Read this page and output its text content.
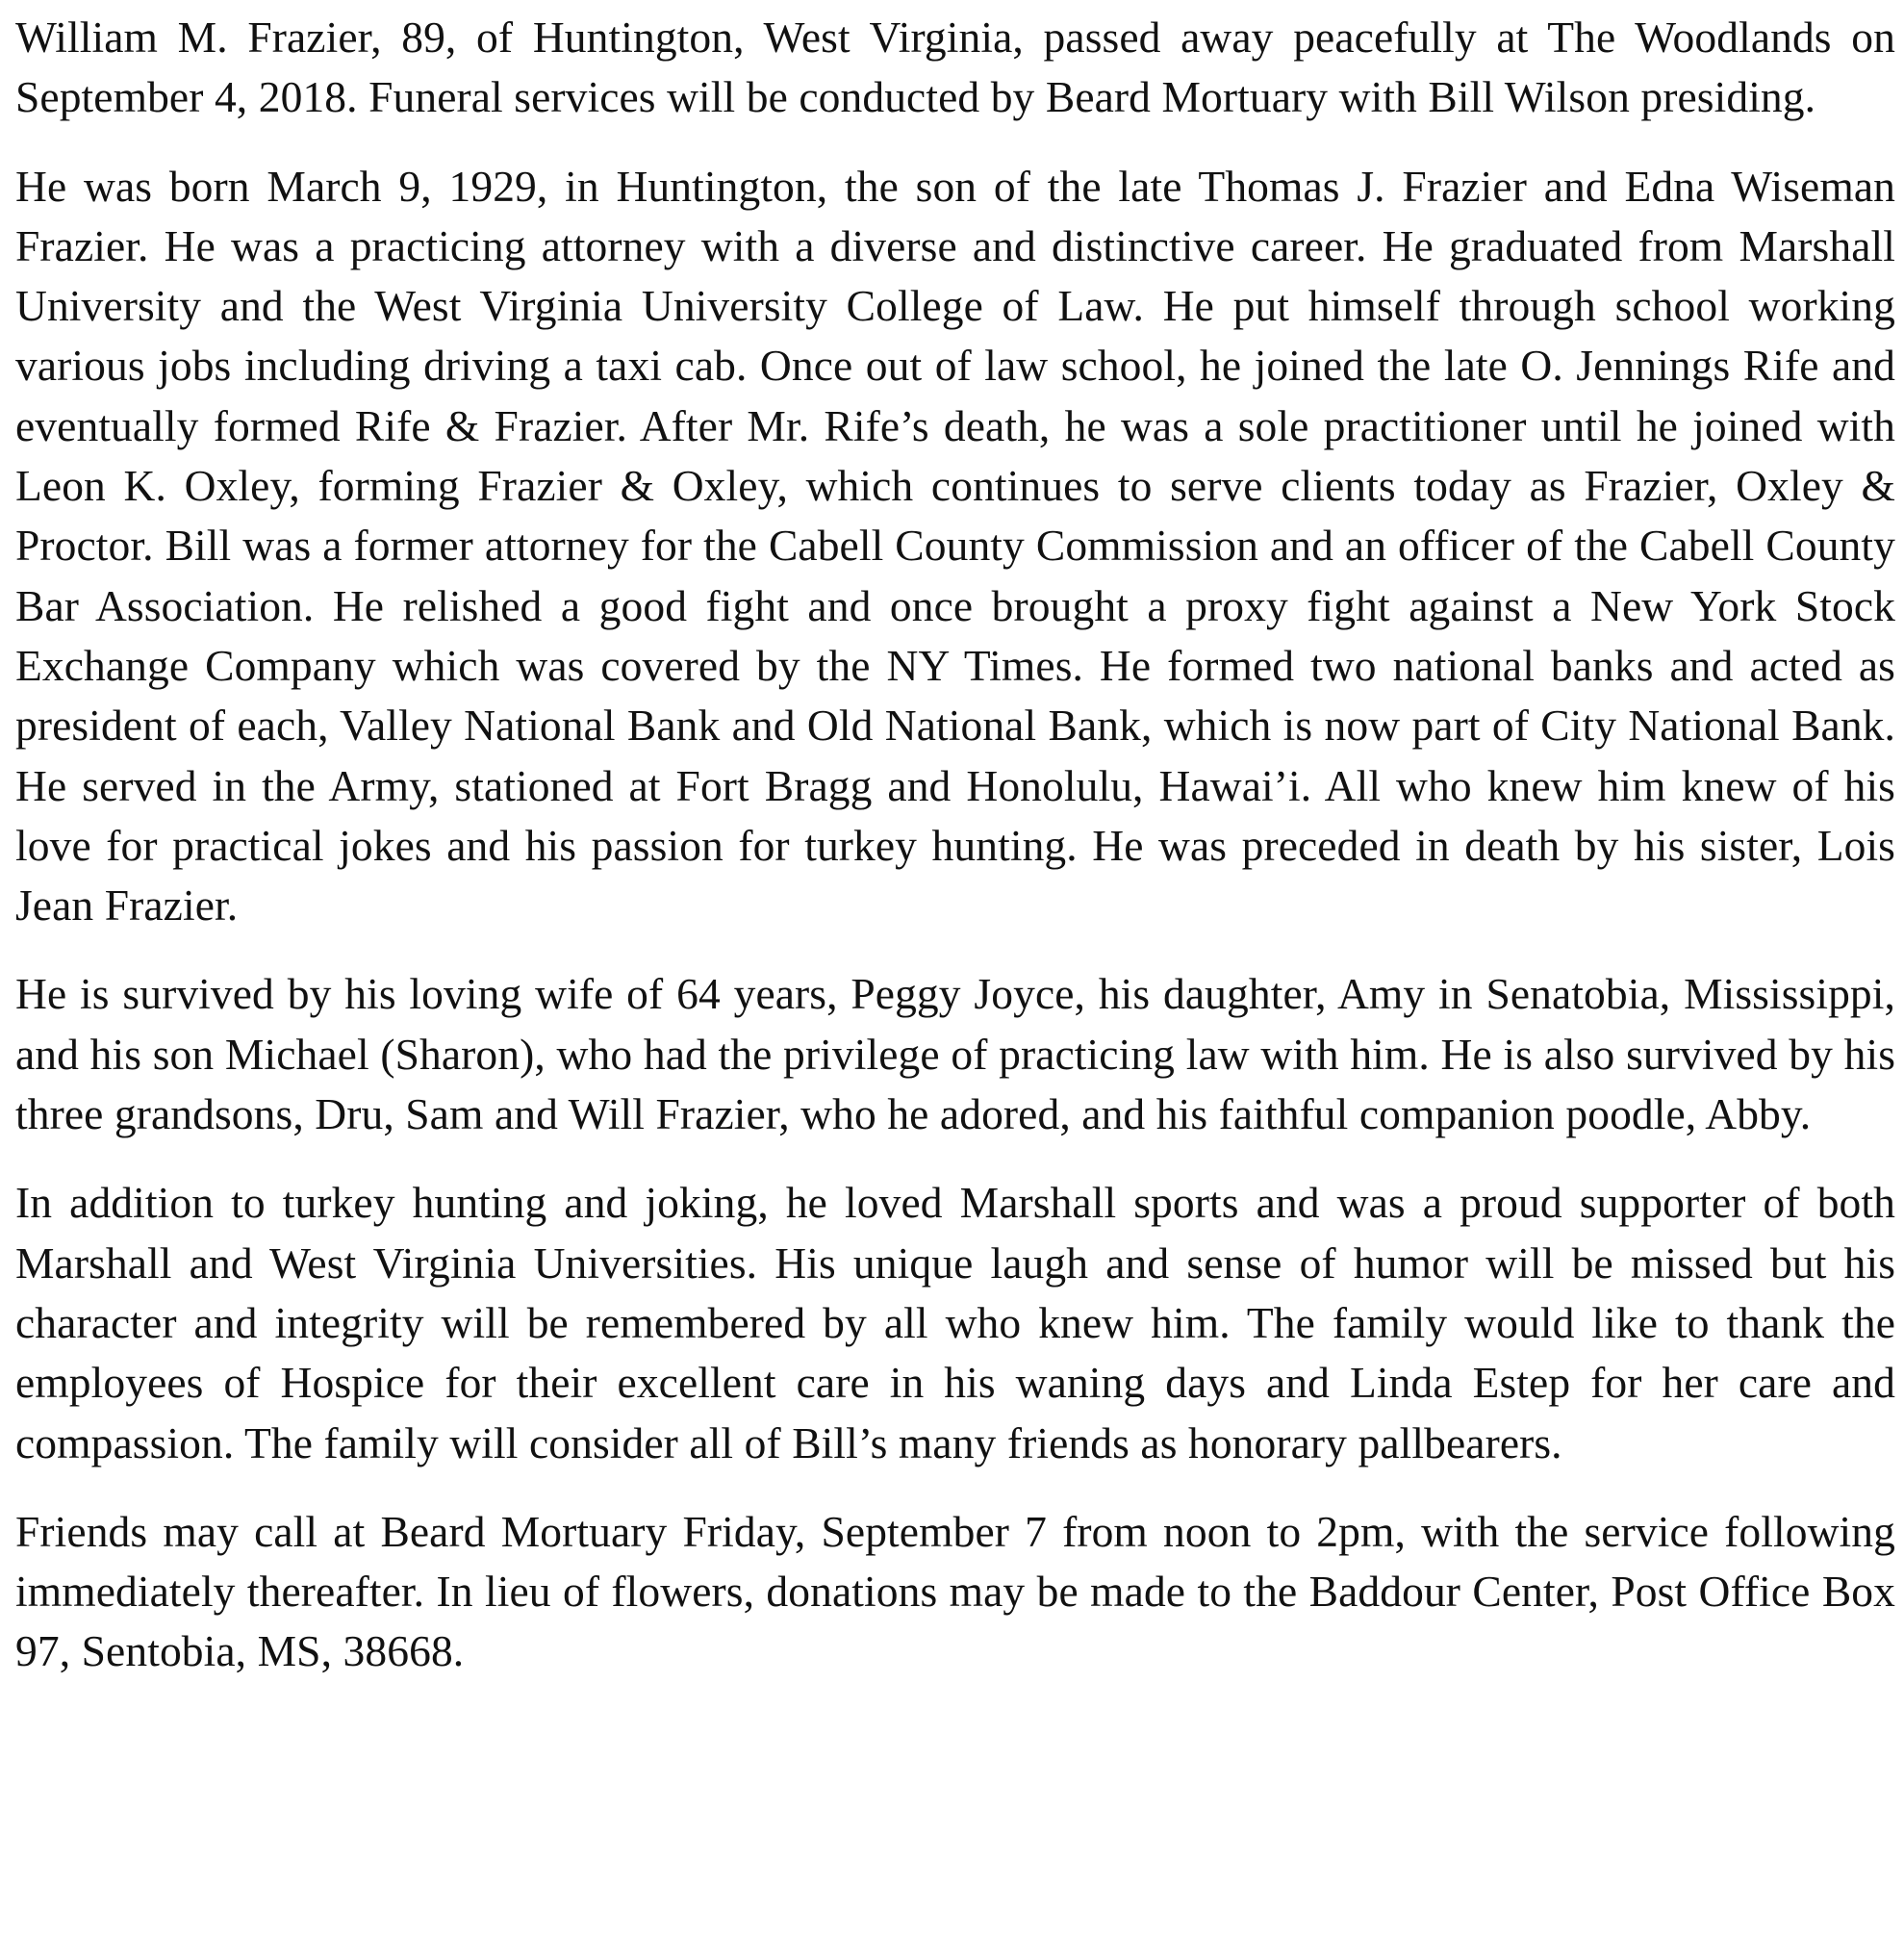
William M. Frazier, 89, of Huntington, West Virginia, passed away peacefully at The Woodlands on September 4, 2018. Funeral services will be conducted by Beard Mortuary with Bill Wilson presiding.

He was born March 9, 1929, in Huntington, the son of the late Thomas J. Frazier and Edna Wiseman Frazier. He was a practicing attorney with a diverse and distinctive career. He graduated from Marshall University and the West Virginia University College of Law. He put himself through school working various jobs including driving a taxi cab. Once out of law school, he joined the late O. Jennings Rife and eventually formed Rife & Frazier. After Mr. Rife’s death, he was a sole practitioner until he joined with Leon K. Oxley, forming Frazier & Oxley, which continues to serve clients today as Frazier, Oxley & Proctor. Bill was a former attorney for the Cabell County Commission and an officer of the Cabell County Bar Association. He relished a good fight and once brought a proxy fight against a New York Stock Exchange Company which was covered by the NY Times. He formed two national banks and acted as president of each, Valley National Bank and Old National Bank, which is now part of City National Bank. He served in the Army, stationed at Fort Bragg and Honolulu, Hawai’i. All who knew him knew of his love for practical jokes and his passion for turkey hunting. He was preceded in death by his sister, Lois Jean Frazier.

He is survived by his loving wife of 64 years, Peggy Joyce, his daughter, Amy in Senatobia, Mississippi, and his son Michael (Sharon), who had the privilege of practicing law with him. He is also survived by his three grandsons, Dru, Sam and Will Frazier, who he adored, and his faithful companion poodle, Abby.

In addition to turkey hunting and joking, he loved Marshall sports and was a proud supporter of both Marshall and West Virginia Universities. His unique laugh and sense of humor will be missed but his character and integrity will be remembered by all who knew him. The family would like to thank the employees of Hospice for their excellent care in his waning days and Linda Estep for her care and compassion. The family will consider all of Bill’s many friends as honorary pallbearers.

Friends may call at Beard Mortuary Friday, September 7 from noon to 2pm, with the service following immediately thereafter. In lieu of flowers, donations may be made to the Baddour Center, Post Office Box 97, Sentobia, MS, 38668.
